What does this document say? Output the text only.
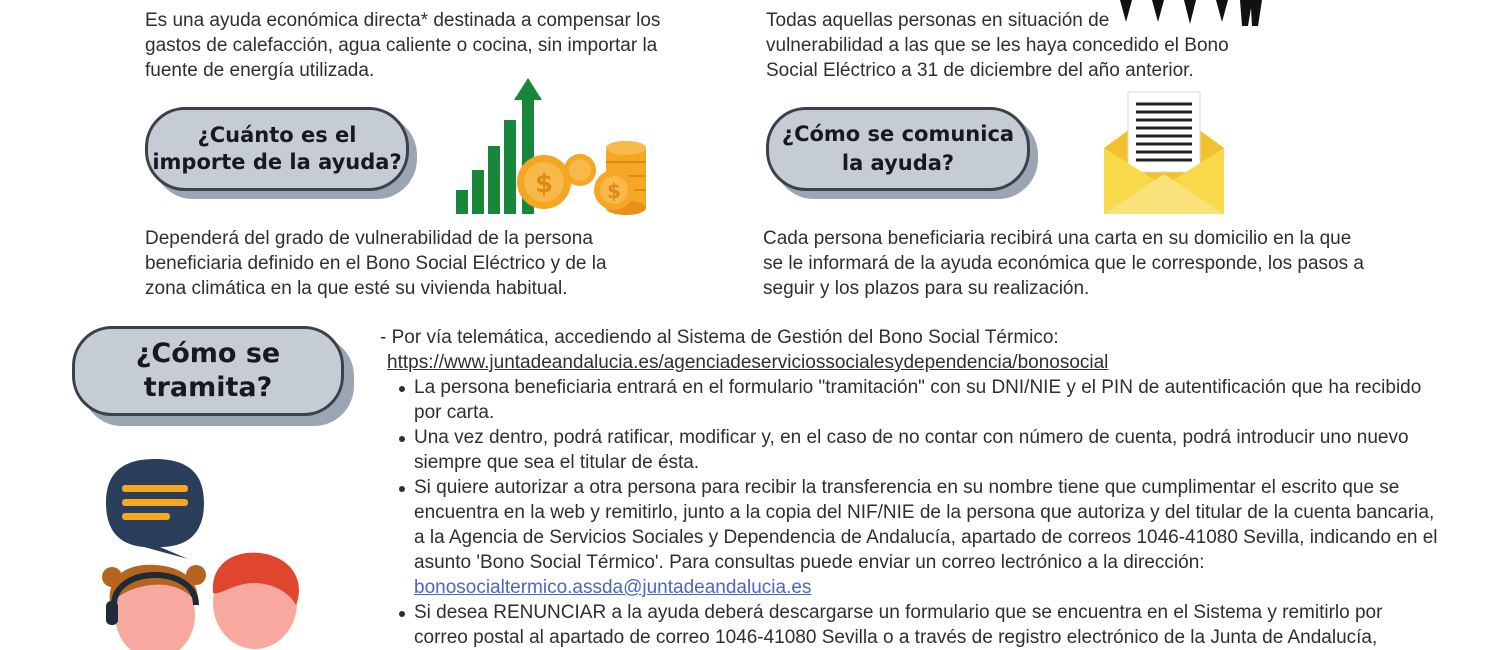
Es una ayuda económica directa* destinada a compensar los
gastos de calefacción, agua caliente o cocina, sin importar la
fuente de energía utilizada.

Todas aquellas personas en situación de
vulnerabilidad a las que se les haya concedido el Bono
Social Eléctrico a 31 de diciembre del año anterior.

¿Cuánto es el
importe de la ayuda?
$	$

Dependerá del grado de vulnerabilidad de la persona
beneficiaria definido en el Bono Social Eléctrico y de la
zona climática en la que esté su vivienda habitual.

¿Cómo se comunica
la ayuda?

Cada persona beneficiaria recibirá una carta en su domicilio en la que
se le informará de la ayuda económica que le corresponde, los pasos a
seguir y los plazos para su realización.

¿Cómo se
tramita?

- Por vía telemática, accediendo al Sistema de Gestión del Bono Social Térmico:

https://www.juntadeandalucia.es/agenciadeserviciossocialesydependencia/bonosocial

La persona beneficiaria entrará en el formulario "tramitación" con su DNI/NIE y el PIN de autentificación que ha recibido por carta.
Una vez dentro, podrá ratificar, modificar y, en el caso de no contar con número de cuenta, podrá introducir uno nuevo siempre que sea el titular de ésta.
Si quiere autorizar a otra persona para recibir la transferencia en su nombre tiene que cumplimentar el escrito que se encuentra en la web y remitirlo, junto a la copia del NIF/NIE de la persona que autoriza y del titular de la cuenta bancaria, a la Agencia de Servicios Sociales y Dependencia de Andalucía, apartado de correos 1046-41080 Sevilla, indicando en el asunto 'Bono Social Térmico'. Para consultas puede enviar un correo lectrónico a la dirección:
bonosocialtermico.assda@juntadeandalucia.es
Si desea RENUNCIAR a la ayuda deberá descargarse un formulario que se encuentra en el Sistema y remitirlo por correo postal al apartado de correo 1046-41080 Sevilla o a través de registro electrónico de la Junta de Andalucía,
